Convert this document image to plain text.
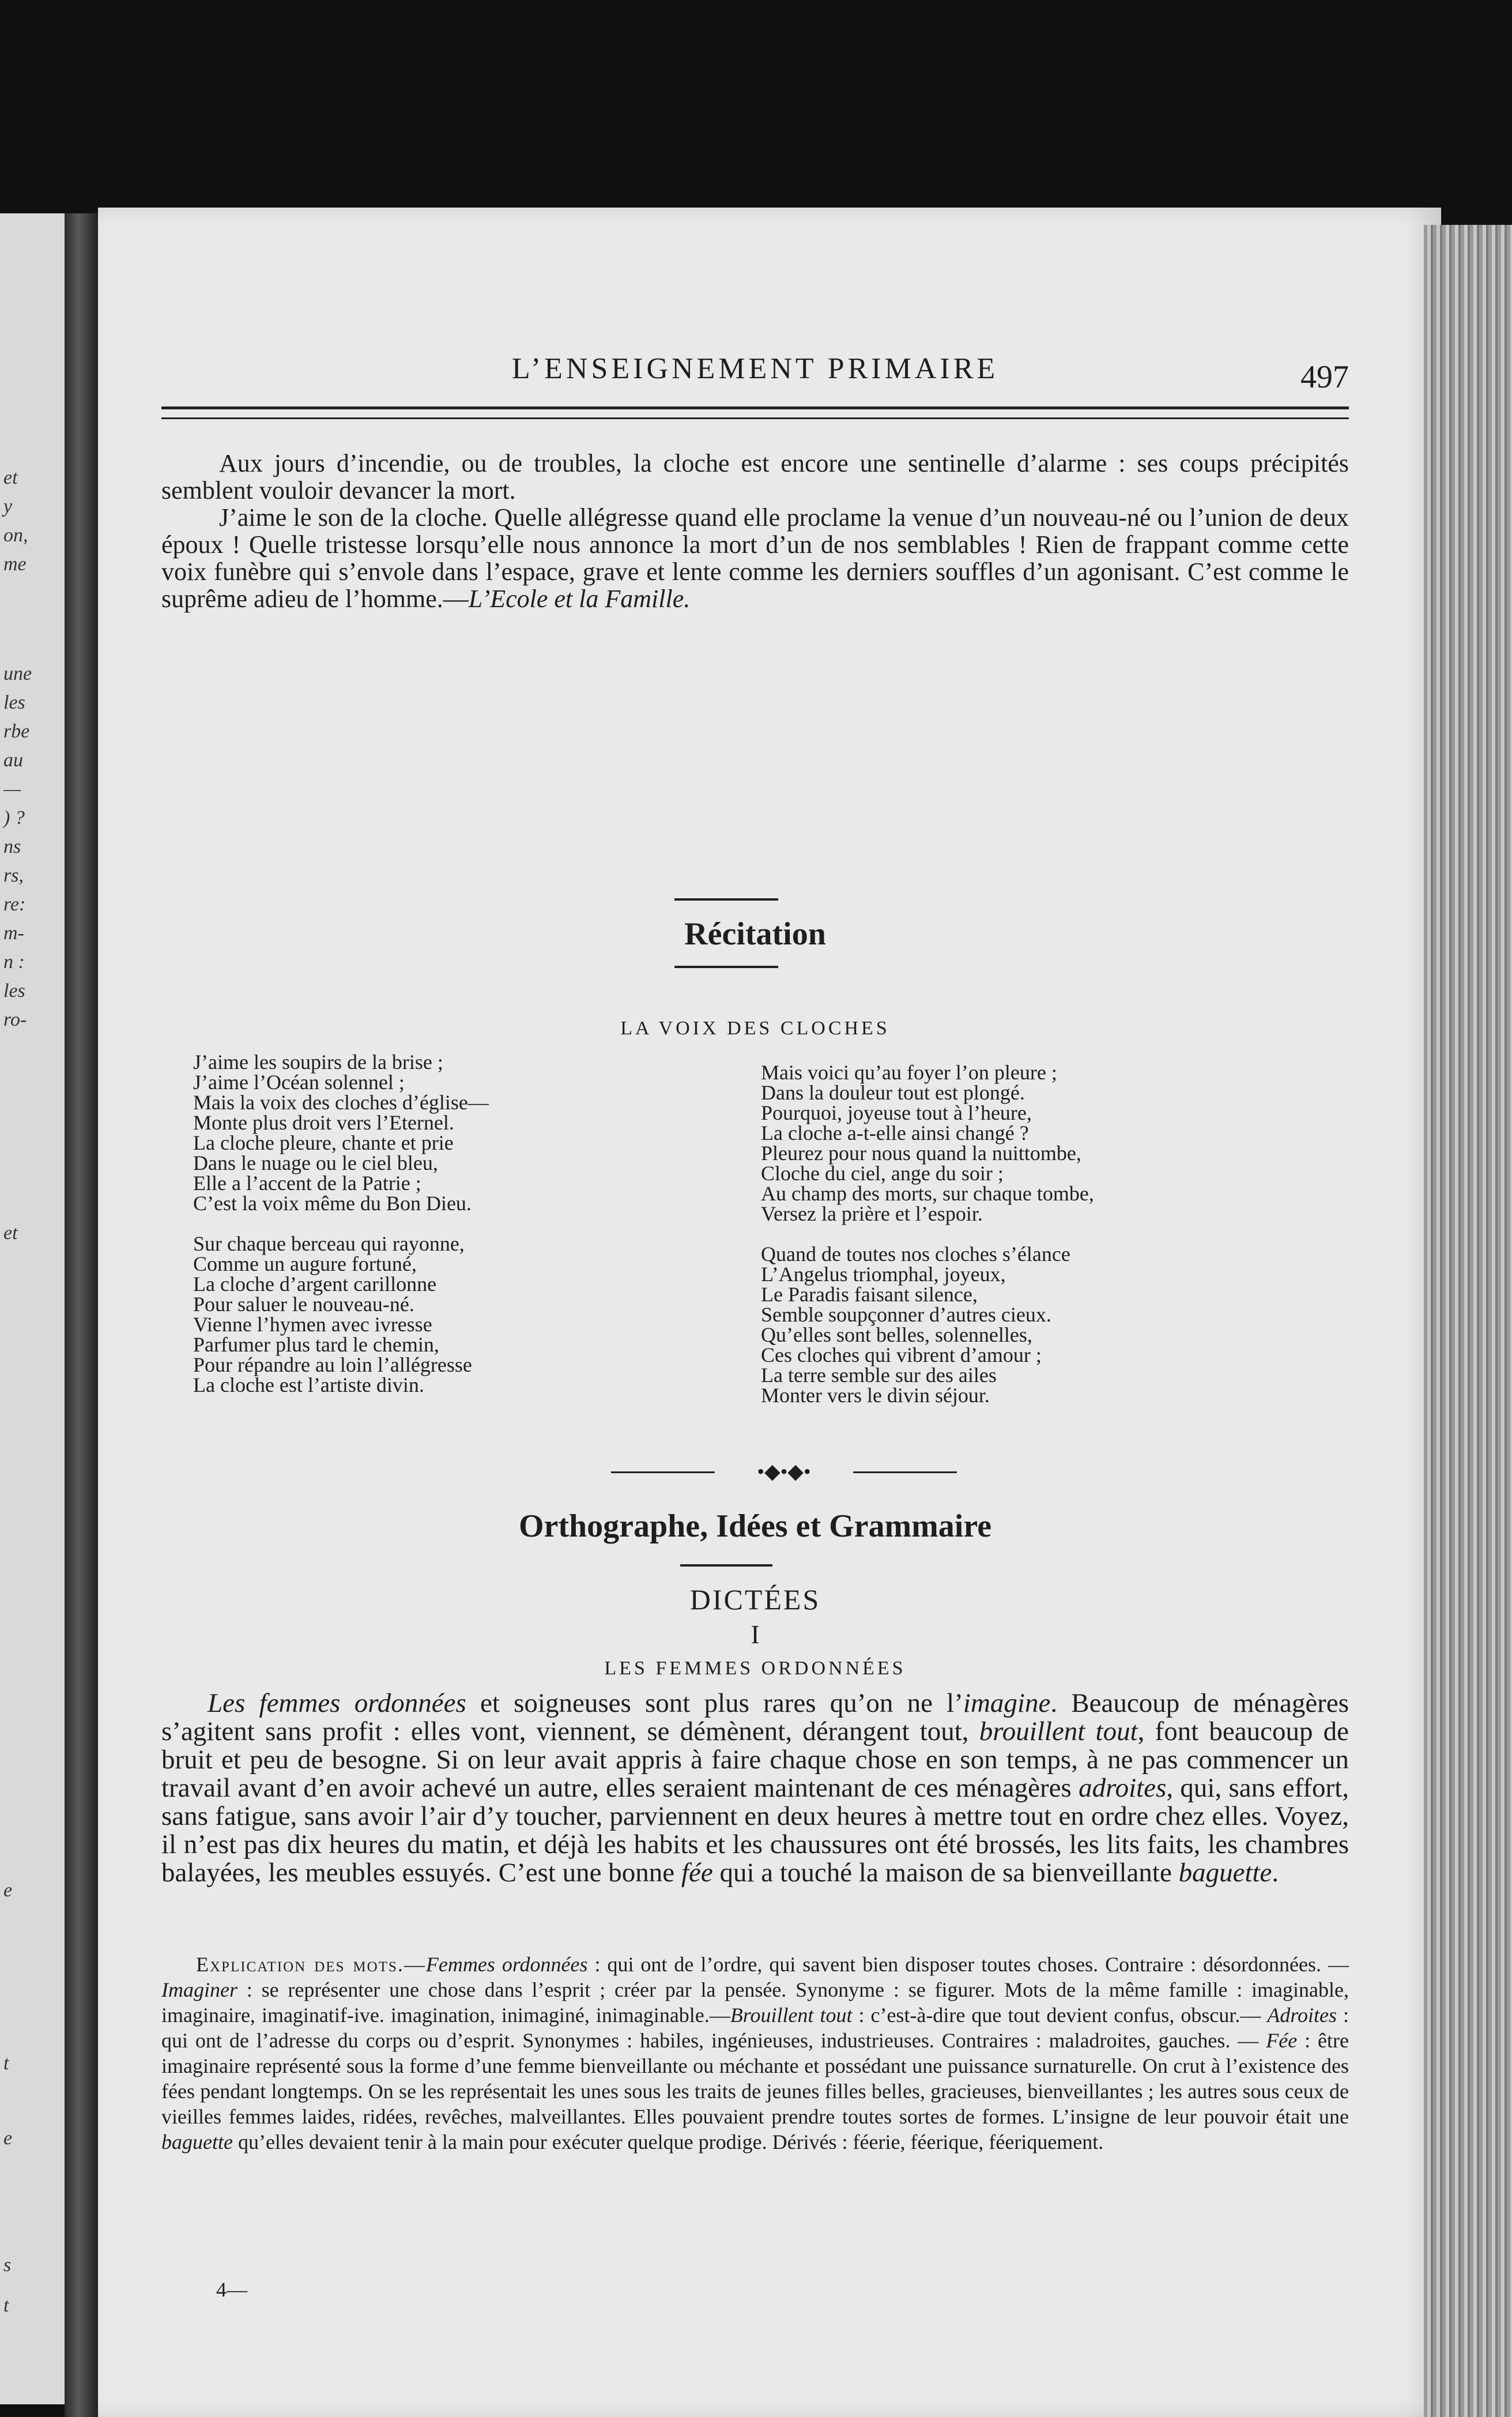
et
y
on,
me
une
les
rbe
au
—
) ?
ns
rs,
re:
m-
n :
les
ro-
et
e
t
e
s
t
L’ENSEIGNEMENT PRIMAIRE	497

Aux jours d’incendie, ou de troubles, la cloche est encore une sentinelle d’alarme : ses coups précipités semblent vouloir devancer la mort.

J’aime le son de la cloche. Quelle allégresse quand elle proclame la venue d’un nouveau-né ou l’union de deux époux ! Quelle tristesse lorsqu’elle nous annonce la mort d’un de nos semblables ! Rien de frappant comme cette voix funèbre qui s’envole dans l’espace, grave et lente comme les derniers souffles d’un agonisant. C’est comme le suprême adieu de l’homme.—L’Ecole et la Famille.

Récitation
LA VOIX DES CLOCHES
J’aime les soupirs de la brise ;
J’aime l’Océan solennel ;
Mais la voix des cloches d’église—
Monte plus droit vers l’Eternel.
La cloche pleure, chante et prie
Dans le nuage ou le ciel bleu,
Elle a l’accent de la Patrie ;
C’est la voix même du Bon Dieu.
Sur chaque berceau qui rayonne,
Comme un augure fortuné,
La cloche d’argent carillonne
Pour saluer le nouveau-né.
Vienne l’hymen avec ivresse
Parfumer plus tard le chemin,
Pour répandre au loin l’allégresse
La cloche est l’artiste divin.
Mais voici qu’au foyer l’on pleure ;
Dans la douleur tout est plongé.
Pourquoi, joyeuse tout à l’heure,
La cloche a-t-elle ainsi changé ?
Pleurez pour nous quand la nuittombe,
Cloche du ciel, ange du soir ;
Au champ des morts, sur chaque tombe,
Versez la prière et l’espoir.
Quand de toutes nos cloches s’élance
L’Angelus triomphal, joyeux,
Le Paradis faisant silence,
Semble soupçonner d’autres cieux.
Qu’elles sont belles, solennelles,
Ces cloches qui vibrent d’amour ;
La terre semble sur des ailes
Monter vers le divin séjour.
•◆•◆•
Orthographe, Idées et Grammaire
DICTÉES
I
LES FEMMES ORDONNÉES

Les femmes ordonnées et soigneuses sont plus rares qu’on ne l’imagine. Beaucoup de ménagères s’agitent sans profit : elles vont, viennent, se démènent, dérangent tout, brouillent tout, font beaucoup de bruit et peu de besogne. Si on leur avait appris à faire chaque chose en son temps, à ne pas commencer un travail avant d’en avoir achevé un autre, elles seraient maintenant de ces ménagères adroites, qui, sans effort, sans fatigue, sans avoir l’air d’y toucher, parviennent en deux heures à mettre tout en ordre chez elles. Voyez, il n’est pas dix heures du matin, et déjà les habits et les chaussures ont été brossés, les lits faits, les chambres balayées, les meubles essuyés. C’est une bonne fée qui a touché la maison de sa bienveillante baguette.

Explication des mots.—Femmes ordonnées : qui ont de l’ordre, qui savent bien disposer toutes choses. Contraire : désordonnées. — Imaginer : se représenter une chose dans l’esprit ; créer par la pensée. Synonyme : se figurer. Mots de la même famille : imaginable, imaginaire, imaginatif-ive. imagination, inimaginé, inimaginable.—Brouillent tout : c’est-à-dire que tout devient confus, obscur.— Adroites : qui ont de l’adresse du corps ou d’esprit. Synonymes : habiles, ingénieuses, industrieuses. Contraires : maladroites, gauches. — Fée : être imaginaire représenté sous la forme d’une femme bienveillante ou méchante et possédant une puissance surnaturelle. On crut à l’existence des fées pendant longtemps. On se les représentait les unes sous les traits de jeunes filles belles, gracieuses, bienveillantes ; les autres sous ceux de vieilles femmes laides, ridées, revêches, malveillantes. Elles pouvaient prendre toutes sortes de formes. L’insigne de leur pouvoir était une baguette qu’elles devaient tenir à la main pour exécuter quelque prodige. Dérivés : féerie, féerique, féeriquement.

4—
